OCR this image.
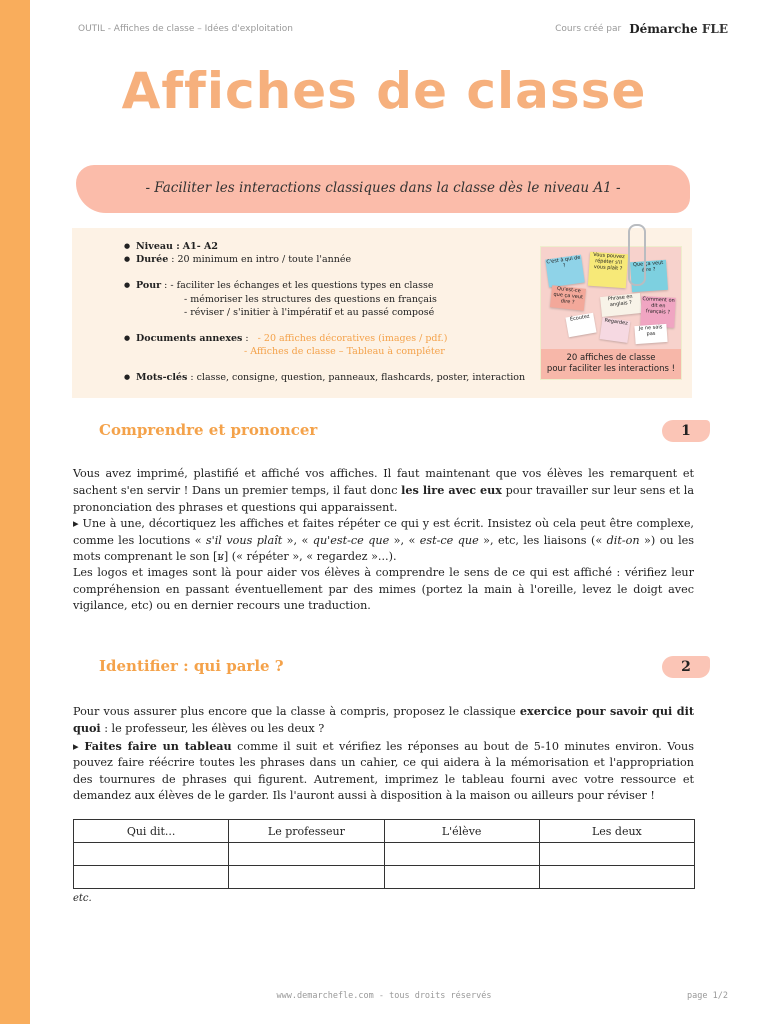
OUTIL - Affiches de classe – Idées d'exploitation	Cours créé par Démarche FLE
Affiches de classe
- Faciliter les interactions classiques dans la classe dès le niveau A1 -
● Niveau : A1- A2
● Durée : 20 minimum en intro / toute l'année
● Pour : - faciliter les échanges et les questions types en classe
- mémoriser les structures des questions en français
- réviser / s'initier à l'impératif et au passé composé
● Documents annexes :   - 20 affiches décoratives (images / pdf.)
- Affiches de classe – Tableau à compléter
● Mots-clés : classe, consigne, question, panneaux, flashcards, poster, interaction
C'est à qui de ?
Vous pouvez répéter s'il vous plaît ?	Que ça veut dire ?
Qu'est-ce que ça veut dire ?	Phrase en anglais ?	Comment on dit en français ?
Écoutez	Regardez
Je ne sais pas
20 affiches de classe
pour faciliter les interactions !
Comprendre et prononcer	1

Vous avez imprimé, plastifié et affiché vos affiches. Il faut maintenant que vos élèves les remarquent et sachent s'en servir ! Dans un premier temps, il faut donc les lire avec eux pour travailler sur leur sens et la prononciation des phrases et questions qui apparaissent.

▸ Une à une, décortiquez les affiches et faites répéter ce qui y est écrit. Insistez où cela peut être complexe, comme les locutions « s'il vous plaît », « qu'est-ce que », « est-ce que », etc, les liaisons (« dit-on ») ou les mots comprenant le son [ʁ] (« répéter », « regardez »...).

Les logos et images sont là pour aider vos élèves à comprendre le sens de ce qui est affiché : vérifiez leur compréhension en passant éventuellement par des mimes (portez la main à l'oreille, levez le doigt avec vigilance, etc) ou en dernier recours une traduction.

Identifier : qui parle ?	2

Pour vous assurer plus encore que la classe à compris, proposez le classique exercice pour savoir qui dit quoi : le professeur, les élèves ou les deux ?

▸ Faites faire un tableau comme il suit et vérifiez les réponses au bout de 5-10 minutes environ. Vous pouvez faire réécrire toutes les phrases dans un cahier, ce qui aidera à la mémorisation et l'appropriation des tournures de phrases qui figurent. Autrement, imprimez le tableau fourni avec votre ressource et demandez aux élèves de le garder. Ils l'auront aussi à disposition à la maison ou ailleurs pour réviser !

Qui dit...	Le professeur	L'élève	Les deux

etc.
www.demarchefle.com - tous droits réservés	page 1/2
